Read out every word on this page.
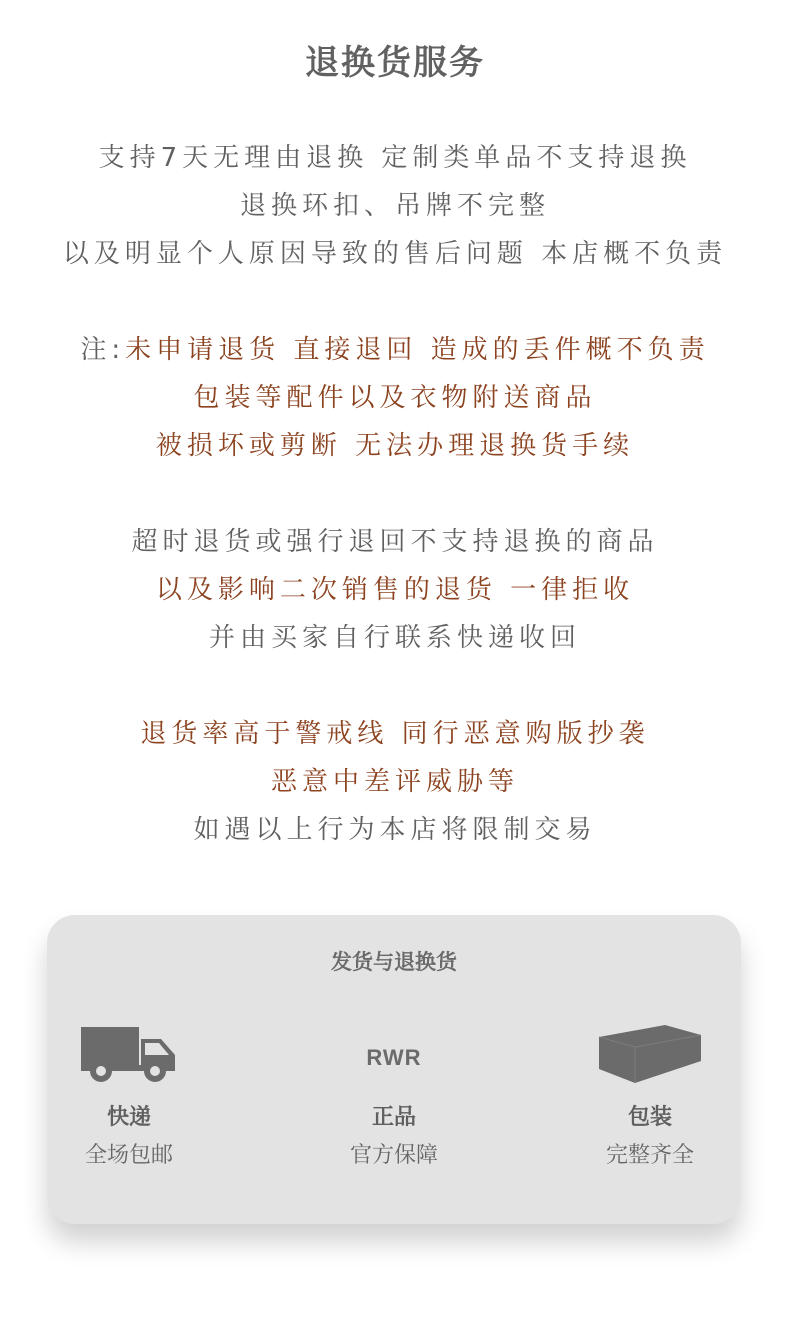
退换货服务
支持7天无理由退换 定制类单品不支持退换
退换环扣、吊牌不完整
以及明显个人原因导致的售后问题 本店概不负责
注:未申请退货 直接退回 造成的丢件概不负责
包装等配件以及衣物附送商品
被损坏或剪断 无法办理退换货手续
超时退货或强行退回不支持退换的商品
以及影响二次销售的退货 一律拒收
并由买家自行联系快递收回
退货率高于警戒线 同行恶意购版抄袭
恶意中差评威胁等
如遇以上行为本店将限制交易
发货与退换货
快递
全场包邮
RWR
正品
官方保障
包装
完整齐全
